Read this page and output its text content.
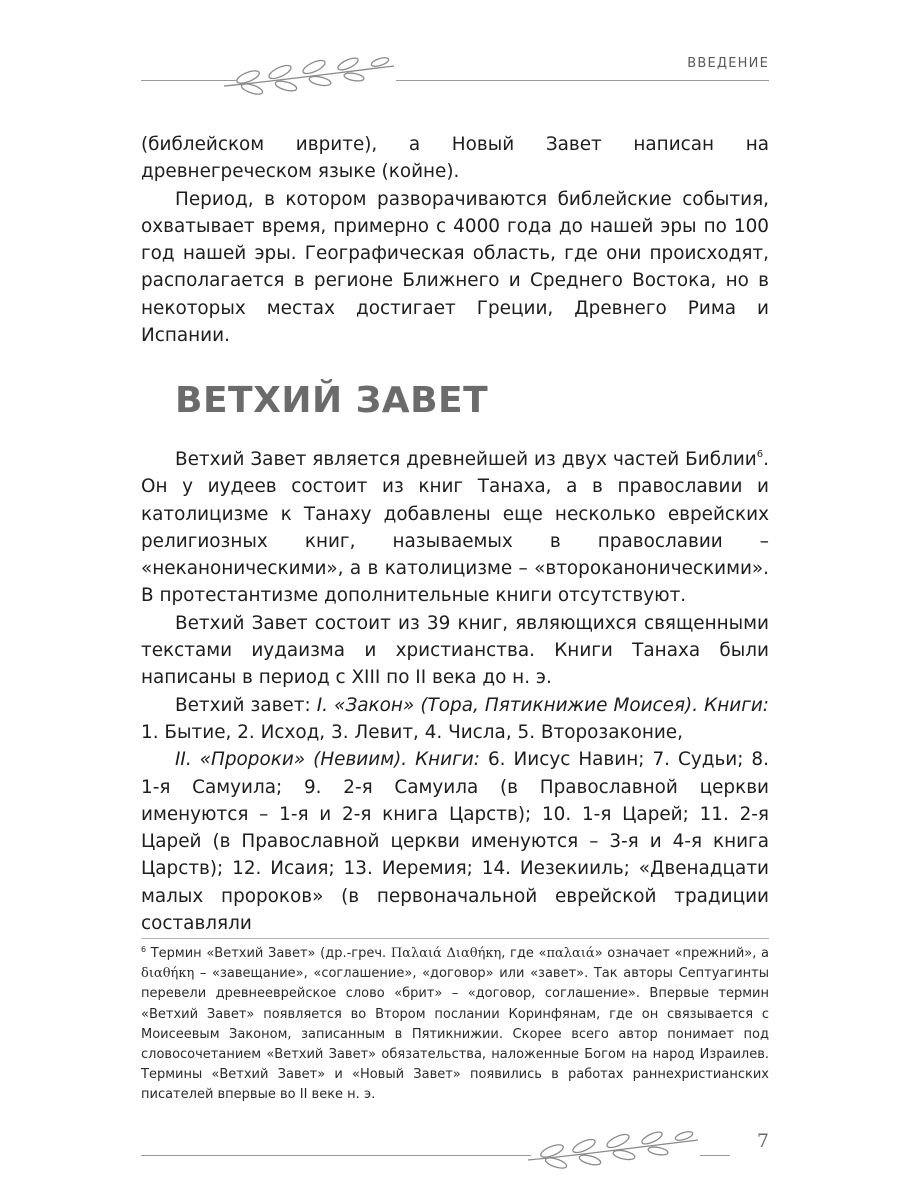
ВВЕДЕНИЕ

(библейском иврите), а Новый Завет написан на древнегреческом языке (койне).

Период, в котором разворачиваются библейские события, охватывает время, примерно с 4000 года до нашей эры по 100 год нашей эры. Географическая область, где они происходят, располагается в регионе Ближнего и Среднего Востока, но в некоторых местах достигает Греции, Древнего Рима и Испании.

ВЕТХИЙ ЗАВЕТ

Ветхий Завет является древнейшей из двух частей Библии$^6$. Он у иудеев состоит из книг Танаха, а в православии и католицизме к Танаху добавлены еще несколько еврейских религиозных книг, называемых в православии – «неканоническими», а в католицизме – «второканоническими». В протестантизме дополнительные книги отсутствуют.

Ветхий Завет состоит из 39 книг, являющихся священными текстами иудаизма и христианства. Книги Танаха были написаны в период с XIII по II века до н. э.

Ветхий завет: I. «Закон» (Тора, Пятикнижие Моисея). Книги: 1. Бытие, 2. Исход, 3. Левит, 4. Числа, 5. Второзаконие,

II. «Пророки» (Невиим). Книги: 6. Иисус Навин; 7. Судьи; 8. 1-я Самуила; 9. 2-я Самуила (в Православной церкви именуются – 1-я и 2-я книга Царств); 10. 1-я Царей; 11. 2-я Царей (в Православной церкви именуются – 3-я и 4-я книга Царств); 12. Исаия; 13. Иеремия; 14. Иезекииль; «Двенадцати малых пророков» (в первоначальной еврейской традиции составляли

$^6$ Термин «Ветхий Завет» (др.-греч. Παλαιά Διαθήκη, где «παλαιά» означает «прежний», а διαθήκη – «завещание», «соглашение», «договор» или «завет». Так авторы Септуагинты перевели древнееврейское слово «брит» – «договор, соглашение». Впервые термин «Ветхий Завет» появляется во Втором послании Коринфянам, где он связывается с Моисеевым Законом, записанным в Пятикнижии. Скорее всего автор понимает под словосочетанием «Ветхий Завет» обязательства, наложенные Богом на народ Израилев. Термины «Ветхий Завет» и «Новый Завет» появились в работах раннехристианских писателей впервые во II веке н. э.

7
